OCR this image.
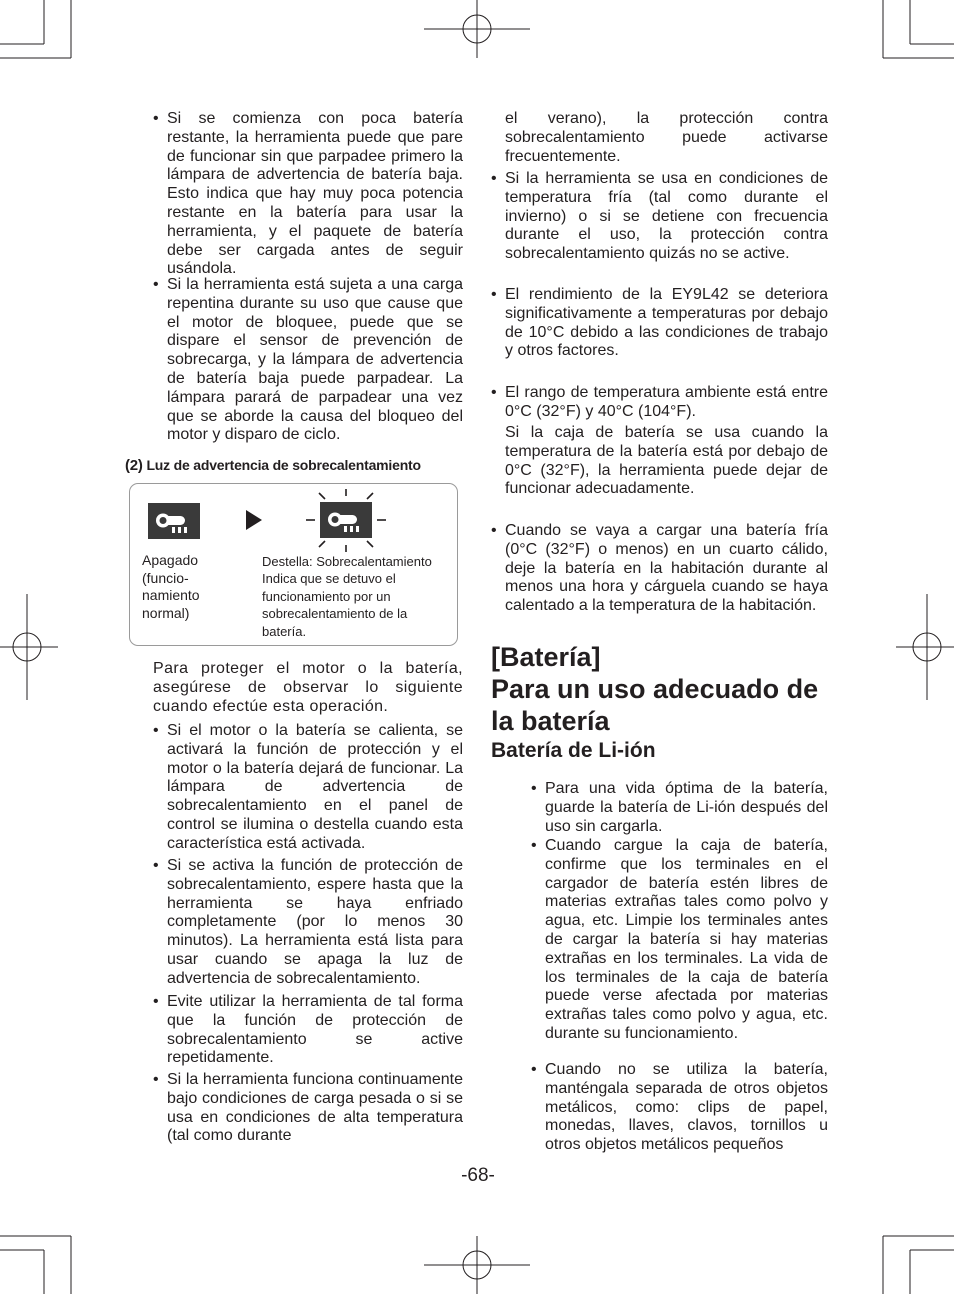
• Si se comienza con poca batería restante, la herramienta puede que pare de funcionar sin que parpadee primero la lámpara de advertencia de batería baja. Esto indica que hay muy poca potencia restante en la batería para usar la herramienta, y el paquete de batería debe ser cargada antes de seguir usándola.

• Si la herramienta está sujeta a una carga repentina durante su uso que cause que el motor de bloquee, puede que se dispare el sensor de prevención de sobrecarga, y la lámpara de advertencia de batería baja puede parpadear. La lámpara parará de parpadear una vez que se aborde la causa del bloqueo del motor y disparo de ciclo.

(2) Luz de advertencia de sobrecalentamiento

Para proteger el motor o la batería, asegúrese de observar lo siguiente cuando efectúe esta operación.

• Si el motor o la batería se calienta, se activará la función de protección y el motor o la batería dejará de funcionar. La lámpara de advertencia de sobrecalentamiento en el panel de control se ilumina o destella cuando esta característica está activada.

• Si se activa la función de protección de sobrecalentamiento, espere hasta que la herramienta se haya enfriado completamente (por lo menos 30 minutos). La herramienta está lista para usar cuando se apaga la luz de advertencia de sobrecalentamiento.

• Evite utilizar la herramienta de tal forma que la función de protección de sobrecalentamiento se active repetidamente.

• Si la herramienta funciona continuamente bajo condiciones de carga pesada o si se usa en condiciones de alta temperatura (tal como durante

Apagado (funcionamiento normal)
Destella: Sobrecalentamiento
Indica que se detuvo el funcionamiento por un sobrecalentamiento de la batería.

el verano), la protección contra sobrecalentamiento puede activarse frecuentemente.

• Si la herramienta se usa en condiciones de temperatura fría (tal como durante el invierno) o si se detiene con frecuencia durante el uso, la protección contra sobrecalentamiento quizás no se active.

• El rendimiento de la EY9L42 se deteriora significativamente a temperaturas por debajo de 10°C debido a las condiciones de trabajo y otros factores.

• El rango de temperatura ambiente está entre 0°C (32°F) y 40°C (104°F).

Si la caja de batería se usa cuando la temperatura de la batería está por debajo de 0°C (32°F), la herramienta puede dejar de funcionar adecuadamente.

• Cuando se vaya a cargar una batería fría (0°C (32°F) o menos) en un cuarto cálido, deje la batería en la habitación durante al menos una hora y cárguela cuando se haya calentado a la temperatura de la habitación.

[Batería]
Para un uso adecuado de
la batería
Batería de Li-ión

• Para una vida óptima de la batería, guarde la batería de Li-ión después del uso sin cargarla.

• Cuando cargue la caja de batería, confirme que los terminales en el cargador de batería estén libres de materias extrañas tales como polvo y agua, etc. Limpie los terminales antes de cargar la batería si hay materias extrañas en los terminales. La vida de los terminales de la caja de batería puede verse afectada por materias extrañas tales como polvo y agua, etc. durante su funcionamiento.

• Cuando no se utiliza la batería, manténgala separada de otros objetos metálicos, como: clips de papel, monedas, llaves, clavos, tornillos u otros objetos metálicos pequeños

-68-
